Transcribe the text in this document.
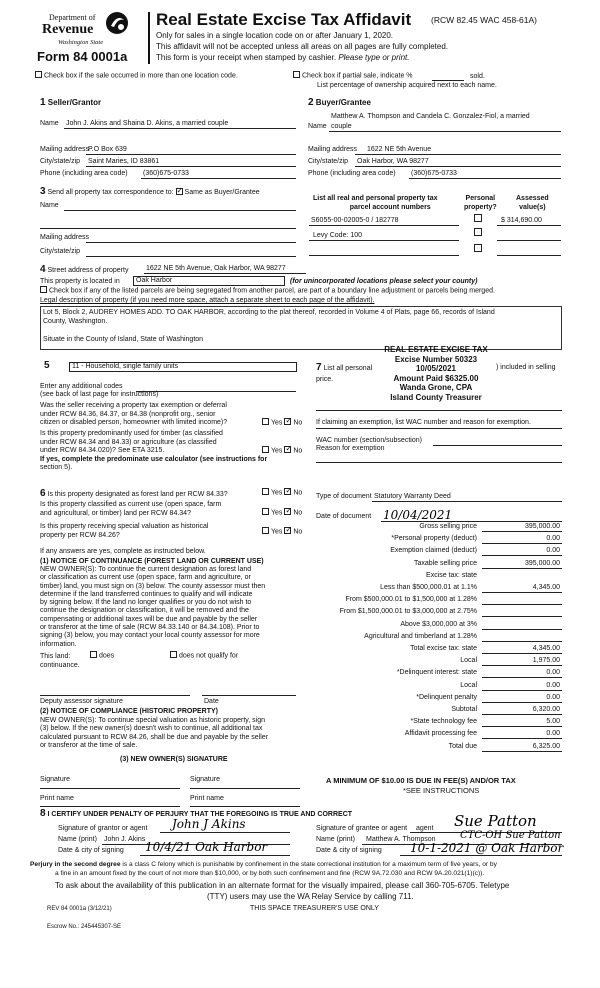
Department of
Revenue
Washington State
Form 84 0001a
Real Estate Excise Tax Affidavit (RCW 82.45 WAC 458-61A)
Only for sales in a single location code on or after January 1, 2020.
This affidavit will not be accepted unless all areas on all pages are fully completed.
This form is your receipt when stamped by cashier. Please type or print.
Check box if the sale occurred in more than one location code.	Check box if partial sale, indicate %	sold.
List percentage of ownership acquired next to each name.
1 Seller/Grantor
Name John J. Akins and Shaina D. Akins, a married couple
Mailing address
P.O Box 639
City/state/zip Saint Maries, ID 83861
Phone (including area code) (360)675-0733
2 Buyer/Grantee
Matthew A. Thompson and Candela C. Gonzalez-Fiol, a married
Name couple
Mailing address 1622 NE 5th Avenue
City/state/zip Oak Harbor, WA 98277
Phone (including area code) (360)675-0733
3 Send all property tax correspondence to: ✓ Same as Buyer/Grantee
Name
Mailing address
City/state/zip
List all real and personal property tax
parcel account numbers
Personal
property?
Assessed
value(s)
S6055-00-02005-0 / 182778	$ 314,690.00
Levy Code: 100
4 Street address of property	1622 NE 5th Avenue, Oak Harbor, WA 98277
This property is located in	Oak Harbor	(for unincorporated locations please select your county)
Check box if any of the listed parcels are being segregated from another parcel, are part of a boundary line adjustment or parcels being merged.
Legal description of property (if you need more space, attach a separate sheet to each page of the affidavit).
Lot 5, Block 2, AUDREY HOMES ADD. TO OAK HARBOR, according to the plat thereof, recorded in Volume 4 of Plats, page 66, records of Island
County, Washington.
Situate in the County of Island, State of Washington
REAL ESTATE EXCISE TAX
Excise Number 50323
10/05/2021
Amount Paid $6325.00
Wanda Grone, CPA
Island County Treasurer
5	11 - Household, single family units
Enter any additional codes
(see back of last page for instructions)
Was the seller receiving a property tax exemption or deferral
under RCW 84.36, 84.37, or 84.38 (nonprofit org., senior
citizen or disabled person, homeowner with limited income)?	Yes ✓ No
Is this property predominantly used for timber (as classified
under RCW 84.34 and 84.33) or agriculture (as classified
under RCW 84.34.020)? See ETA 3215.
If yes, complete the predominate use calculator (see instructions for
section 5).
Yes ✓ No
7 List all personal
price.
) included in selling
If claiming an exemption, list WAC number and reason for exemption.
WAC number (section/subsection)
Reason for exemption
6 Is this property designated as forest land per RCW 84.33?	Yes ✓ No
Is this property classified as current use (open space, farm
and agricultural, or timber) land per RCW 84.34?	Yes ✓ No
Is this property receiving special valuation as historical
property per RCW 84.26?	Yes ✓ No
If any answers are yes, complete as instructed below.
(1) NOTICE OF CONTINUANCE (FOREST LAND OR CURRENT USE)
NEW OWNER(S): To continue the current designation as forest land
or classification as current use (open space, farm and agriculture, or
timber) land, you must sign on (3) below. The county assessor must then
determine if the land transferred continues to qualify and will indicate
by signing below. If the land no longer qualifies or you do not wish to
continue the designation or classification, it will be removed and the
compensating or additional taxes will be due and payable by the seller
or transferor at the time of sale (RCW 84.33.140 or 84.34.108). Prior to
signing (3) below, you may contact your local county assessor for more
information.
This land:	does	does not qualify for
continuance.
Deputy assessor signature	Date
(2) NOTICE OF COMPLIANCE (HISTORIC PROPERTY)
NEW OWNER(S): To continue special valuation as historic property, sign
(3) below. If the new owner(s) doesn't wish to continue, all additional tax
calculated pursuant to RCW 84.26, shall be due and payable by the seller
or transferor at the time of sale.
(3) NEW OWNER(S) SIGNATURE
Signature	Signature
Print name	Print name
Type of document Statutory Warranty Deed
Date of document 10/04/2021
Gross selling price	395,000.00
*Personal property (deduct)	0.00
Exemption claimed (deduct)	0.00
Taxable selling price	395,000.00
Excise tax: state
Less than $500,000.01 at 1.1%	4,345.00
From $500,000.01 to $1,500,000 at 1.28%
From $1,500,000.01 to $3,000,000 at 2.75%
Above $3,000,000 at 3%
Agricultural and timberland at 1.28%
Total excise tax: state	4,345.00
Local	1,975.00
*Delinquent interest: state	0.00
Local	0.00
*Delinquent penalty	0.00
Subtotal	6,320.00
*State technology fee	5.00
Affidavit processing fee	0.00
Total due	6,325.00
A MINIMUM OF $10.00 IS DUE IN FEE(S) AND/OR TAX
*SEE INSTRUCTIONS
8 I CERTIFY UNDER PENALTY OF PERJURY THAT THE FOREGOING IS TRUE AND CORRECT
Signature of grantor or agent John J Akins
Name (print) John J. Akins
Date & city of signing 10/4/21 Oak Harbor
Signature of grantee or agent agent Sue Patton
Name (print) Matthew A. Thompson CTC-OH Sue Patton
Date & city of signing 10-1-2021 @ Oak Harbor
Perjury in the second degree is a class C felony which is punishable by confinement in the state correctional institution for a maximum term of five years, or by
a fine in an amount fixed by the court of not more than $10,000, or by both such confinement and fine (RCW 9A.72.030 and RCW 9A.20.021(1)(c)).
To ask about the availability of this publication in an alternate format for the visually impaired, please call 360-705-6705. Teletype
(TTY) users may use the WA Relay Service by calling 711.
REV 84 0001a (3/12/21)	THIS SPACE TREASURER'S USE ONLY
Escrow No.: 245445307-SE
